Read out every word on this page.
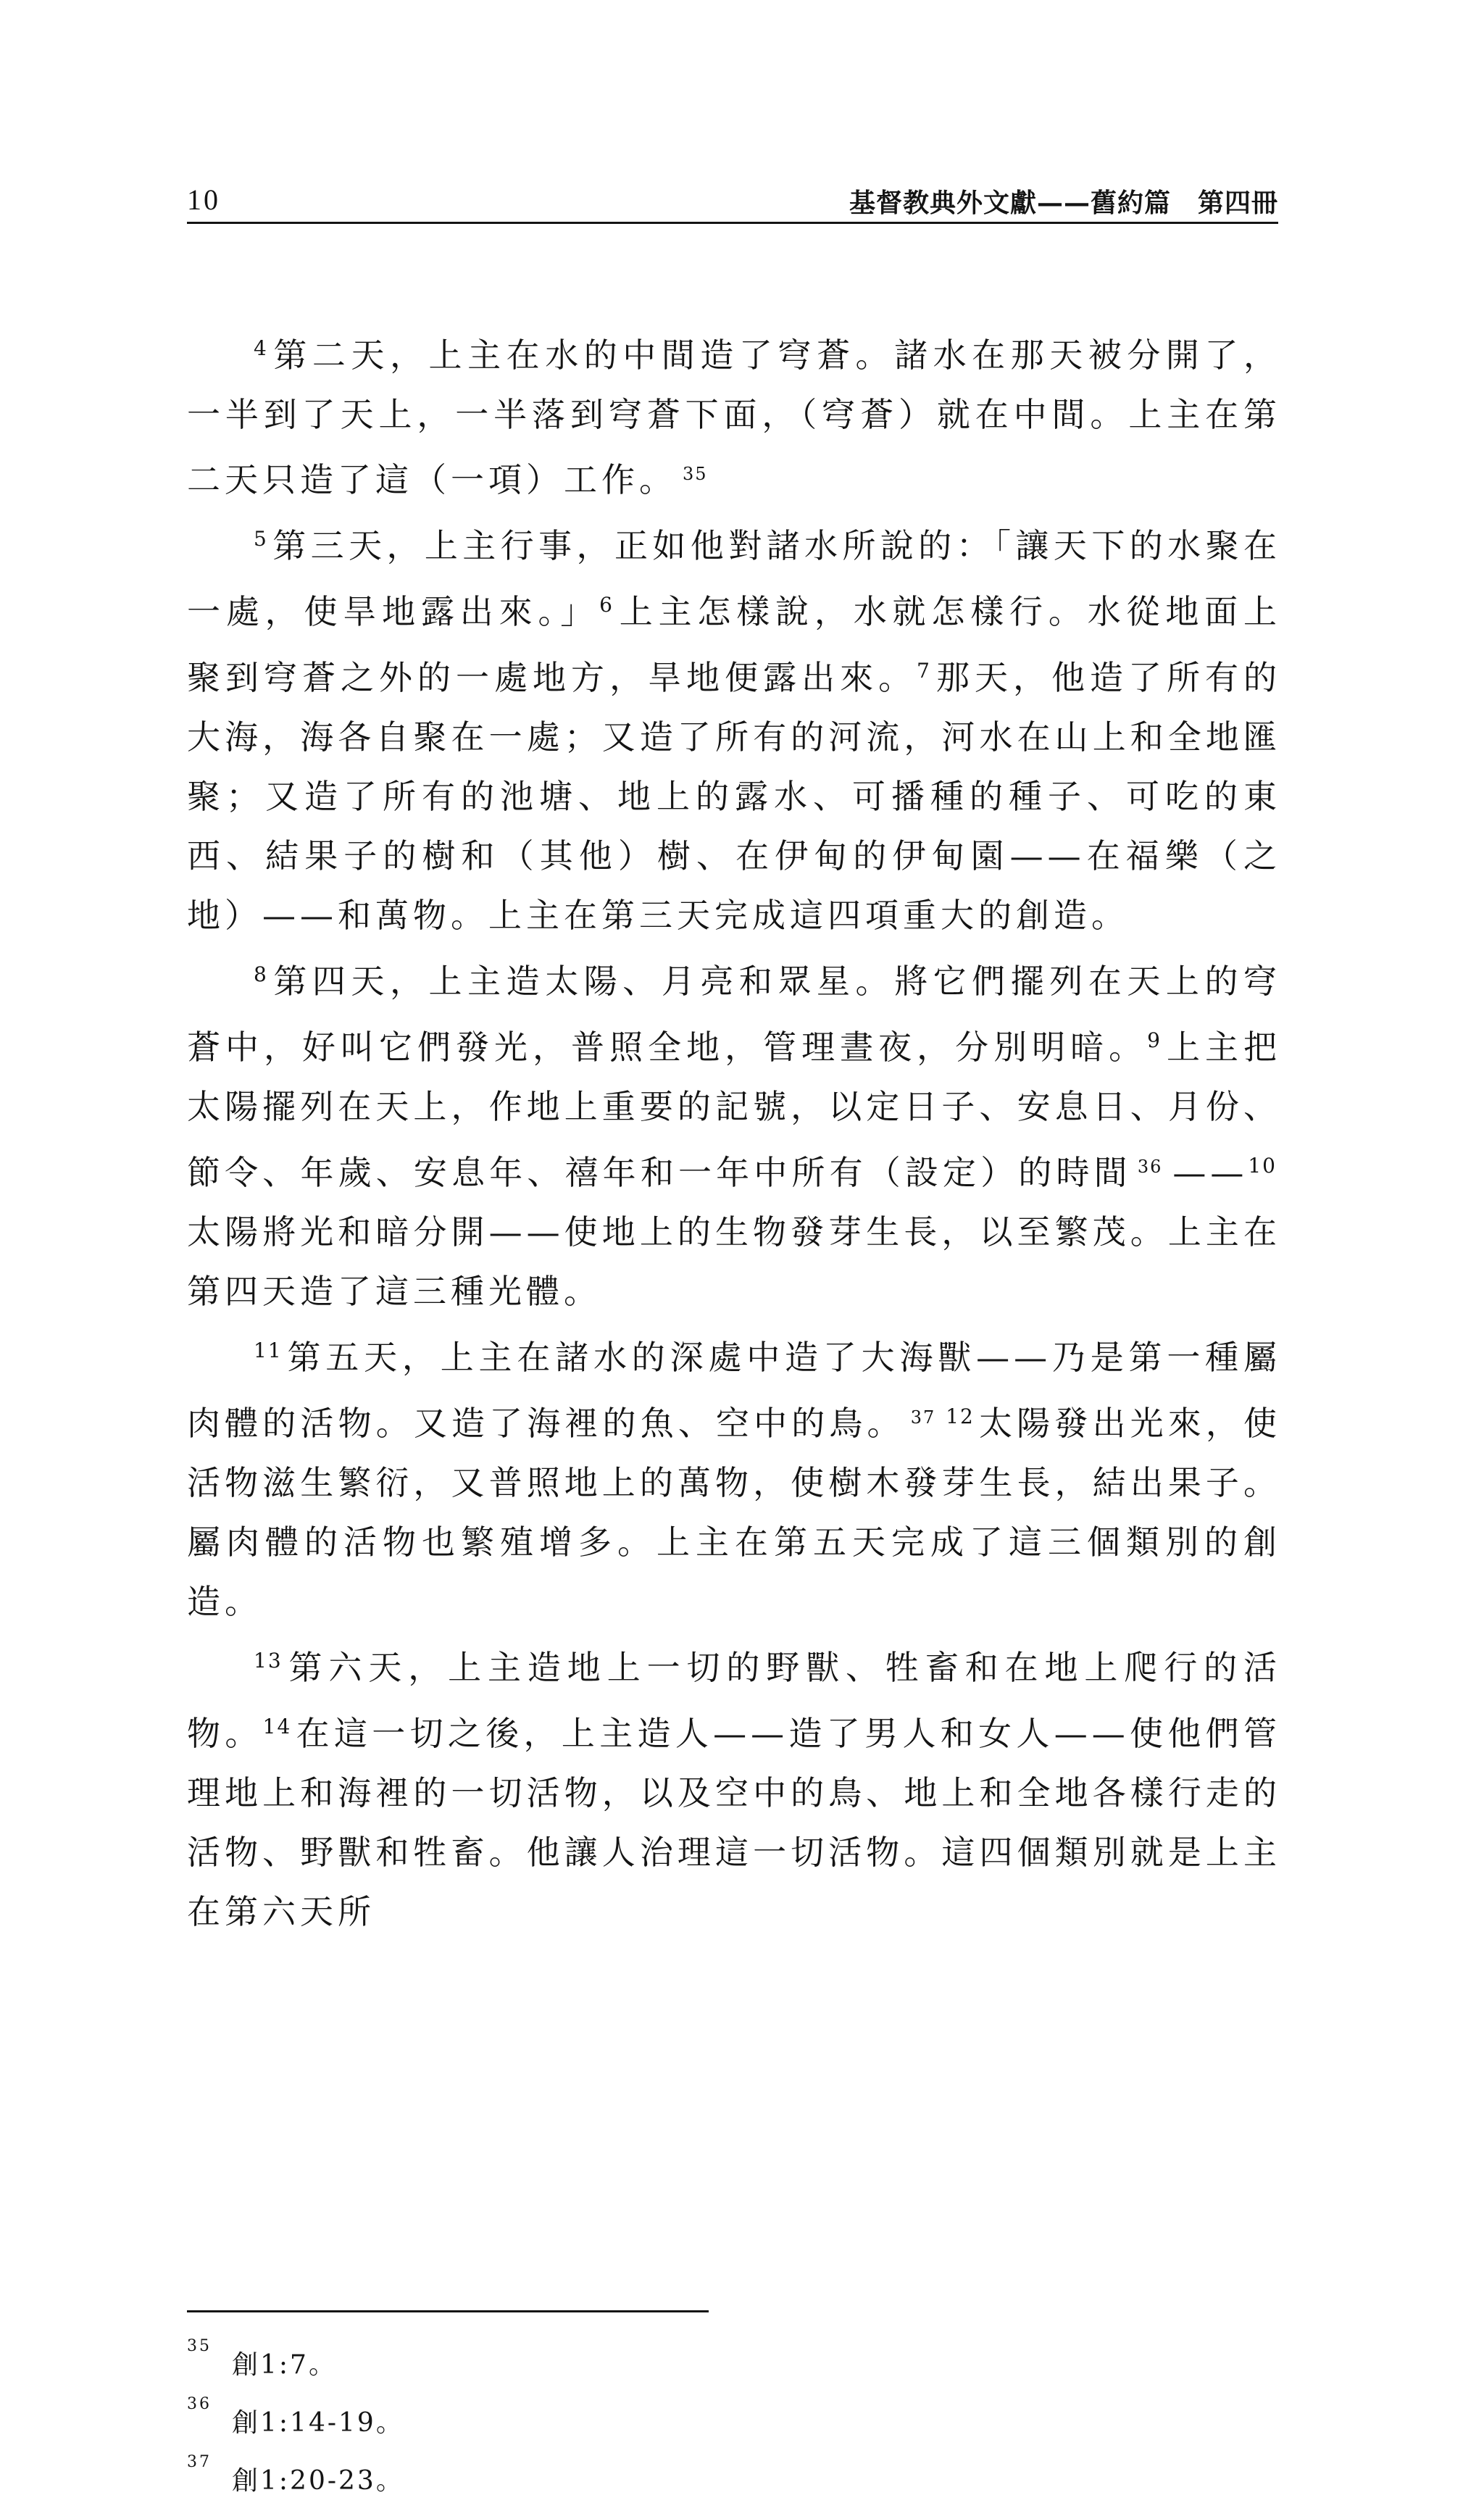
10	基督教典外文獻——舊約篇　第四冊

$^4$ 第二天，上主在水的中間造了穹蒼。諸水在那天被分開了，一半到了天上，一半落到穹蒼下面，（穹蒼）就在中間。上主在第二天只造了這（一項）工作。 $^{35}$

$^5$ 第三天，上主行事，正如他對諸水所說的：「讓天下的水聚在一處，使旱地露出來。」$^6$ 上主怎樣說，水就怎樣行。水從地面上聚到穹蒼之外的一處地方，旱地便露出來。$^7$ 那天，他造了所有的大海，海各自聚在一處；又造了所有的河流，河水在山上和全地匯聚；又造了所有的池塘、地上的露水、可播種的種子、可吃的東西、結果子的樹和（其他）樹、在伊甸的伊甸園——在福樂（之地）——和萬物。上主在第三天完成這四項重大的創造。

$^8$ 第四天，上主造太陽、月亮和眾星。將它們擺列在天上的穹蒼中，好叫它們發光，普照全地，管理晝夜，分別明暗。$^9$ 上主把太陽擺列在天上，作地上重要的記號，以定日子、安息日、月份、節令、年歲、安息年、禧年和一年中所有（設定）的時間 $^{36}$ ——$^{10}$太陽將光和暗分開——使地上的生物發芽生長，以至繁茂。上主在第四天造了這三種光體。

$^{11}$ 第五天，上主在諸水的深處中造了大海獸——乃是第一種屬肉體的活物。又造了海裡的魚、空中的鳥。 $^{37}$ $^{12}$ 太陽發出光來，使活物滋生繁衍，又普照地上的萬物，使樹木發芽生長，結出果子。屬肉體的活物也繁殖增多。上主在第五天完成了這三個類別的創造。

$^{13}$ 第六天，上主造地上一切的野獸、牲畜和在地上爬行的活物。$^{14}$ 在這一切之後，上主造人——造了男人和女人——使他們管理地上和海裡的一切活物，以及空中的鳥、地上和全地各樣行走的活物、野獸和牲畜。他讓人治理這一切活物。這四個類別就是上主在第六天所

35
創1:7。
36
創1:14-19。
37
創1:20-23。
